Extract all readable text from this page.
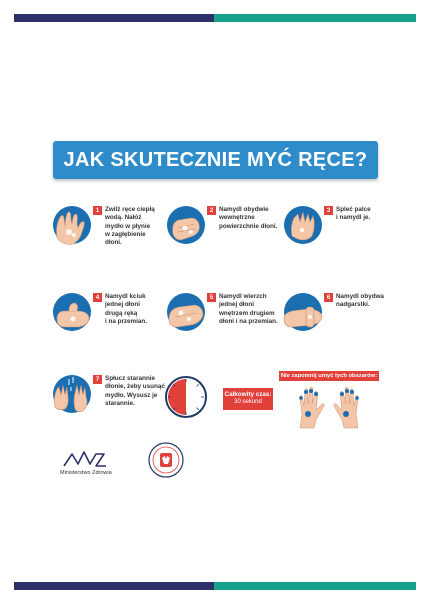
JAK SKUTECZNIE MYĆ RĘCE?
1 Zwilż ręce ciepłą
wodą. Nałóż
mydło w płynie
w zagłębienie
dłoni.
2 Namydl obydwie
wewnętrzne
powierzchnie dłoni.
3 Spleć palce
i namydl je.
4 Namydl kciuk
jednej dłoni
drugą ręką
i na przemian.
5 Namydl wierzch
jednej dłoni
wnętrzem drugiem
dłoni i na przemian.
6 Namydl obydwa
nadgarstki.
7 Spłucz starannie
dłonie, żeby usunąć
mydło. Wysusz je
starannie.
Całkowity czas:
30 sekund
Nie zapomnij umyć tych obszarów:
Ministerstwo Zdrowia
